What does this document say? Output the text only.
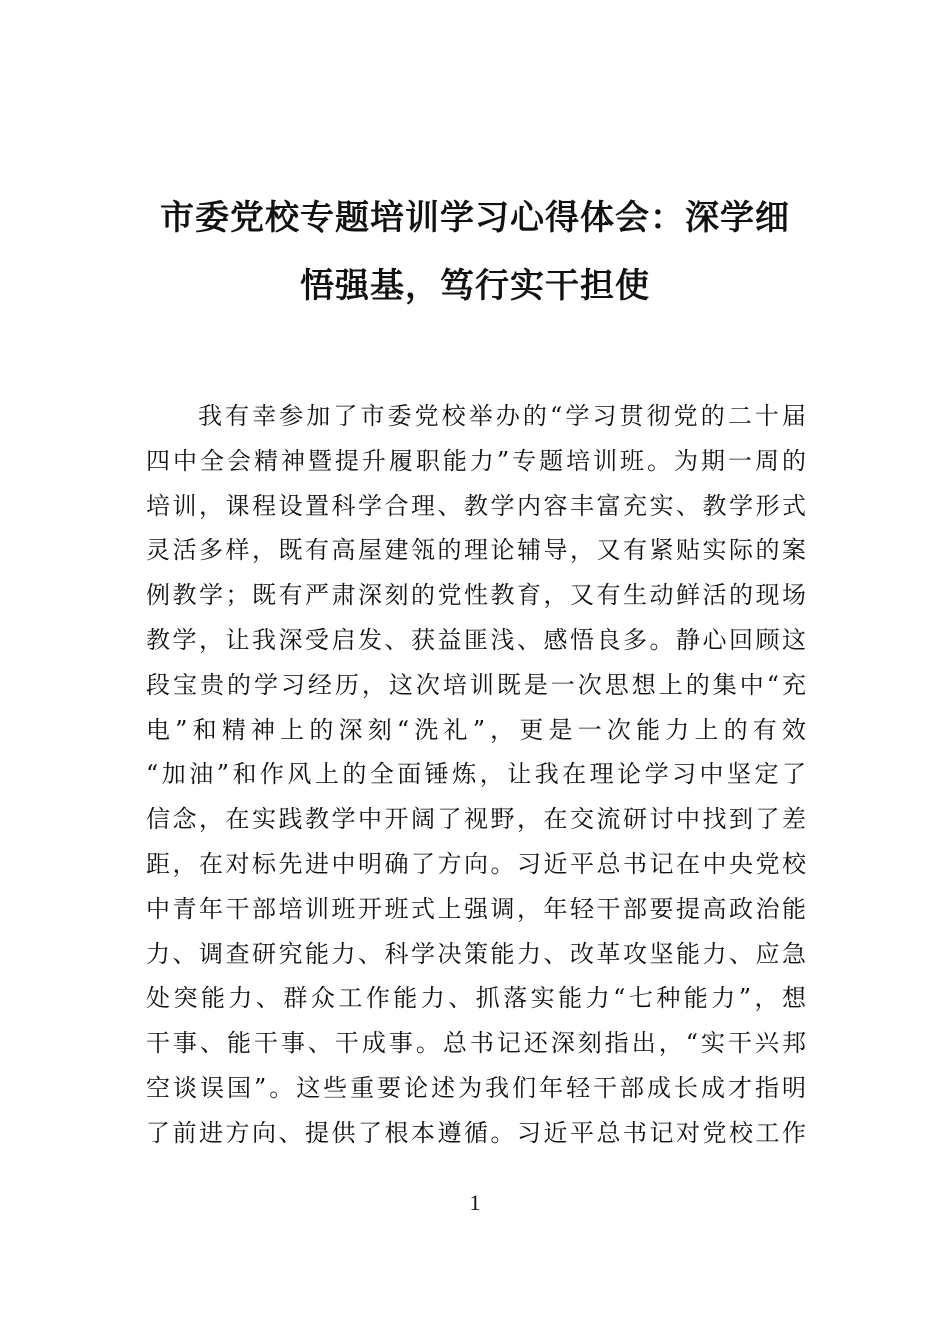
市委党校专题培训学习心得体会：深学细
悟强基，笃行实干担使
我有幸参加了市委党校举办的“学习贯彻党的二十届
四中全会精神暨提升履职能力”专题培训班。为期一周的
培训，课程设置科学合理、教学内容丰富充实、教学形式
灵活多样，既有高屋建瓴的理论辅导，又有紧贴实际的案
例教学；既有严肃深刻的党性教育，又有生动鲜活的现场
教学，让我深受启发、获益匪浅、感悟良多。静心回顾这
段宝贵的学习经历，这次培训既是一次思想上的集中“充
电”和精神上的深刻“洗礼”，更是一次能力上的有效
“加油”和作风上的全面锤炼，让我在理论学习中坚定了
信念，在实践教学中开阔了视野，在交流研讨中找到了差
距，在对标先进中明确了方向。习近平总书记在中央党校
中青年干部培训班开班式上强调，年轻干部要提高政治能
力、调查研究能力、科学决策能力、改革攻坚能力、应急
处突能力、群众工作能力、抓落实能力“七种能力”，想
干事、能干事、干成事。总书记还深刻指出，“实干兴邦
空谈误国”。这些重要论述为我们年轻干部成长成才指明
了前进方向、提供了根本遵循。习近平总书记对党校工作
1
